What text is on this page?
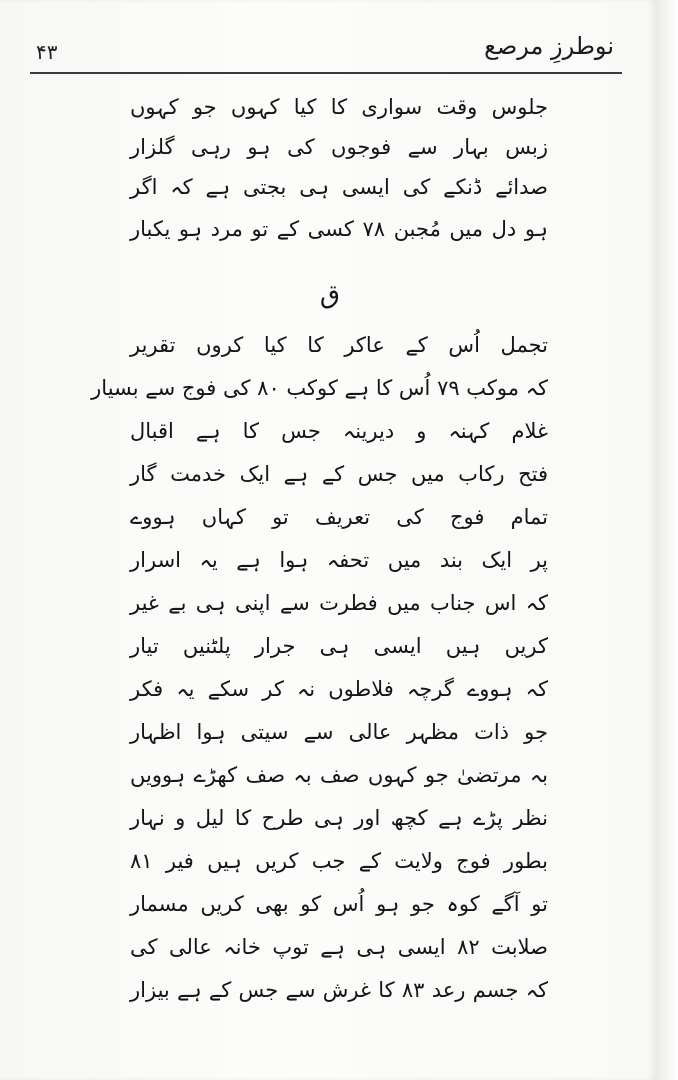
۴۳	نوطرزِ مرصع
جلوس وقت سواری کا کیا کہوں جو کہوں
زبس بہار سے فوجوں کی ہو رہی گلزار
صدائے ڈنکے کی ایسی ہی بجتی ہے کہ اگر
ہو دل میں مُجبن ۷۸ کسی کے تو مرد ہو یکبار
ق
تجمل اُس کے عاکر کا کیا کروں تقریر
کہ موکب ۷۹ اُس کا ہے کوکب ۸۰ کی فوج سے بسیار
غلام کہنہ و دیرینہ جس کا ہے اقبال
فتح رکاب میں جس کے ہے ایک خدمت گار
تمام فوج کی تعریف تو کہاں ہووے
پر ایک بند میں تحفہ ہوا ہے یہ اسرار
کہ اس جناب میں فطرت سے اپنی ہی بے غیر
کریں ہیں ایسی ہی جرار پلٹنیں تیار
کہ ہووے گرچہ فلاطوں نہ کر سکے یہ فکر
جو ذات مظہر عالی سے سیتی ہوا اظہار
بہ مرتضیٰ جو کہوں صف بہ صف کھڑے ہوویں
نظر پڑے ہے کچھ اور ہی طرح کا لیل و نہار
بطور فوج ولایت کے جب کریں ہیں فیر ۸۱
تو آگے کوہ جو ہو اُس کو بھی کریں مسمار
صلابت ۸۲ ایسی ہی ہے توپ خانہ عالی کی
کہ جسم رعد ۸۳ کا غرش سے جس کے ہے بیزار
